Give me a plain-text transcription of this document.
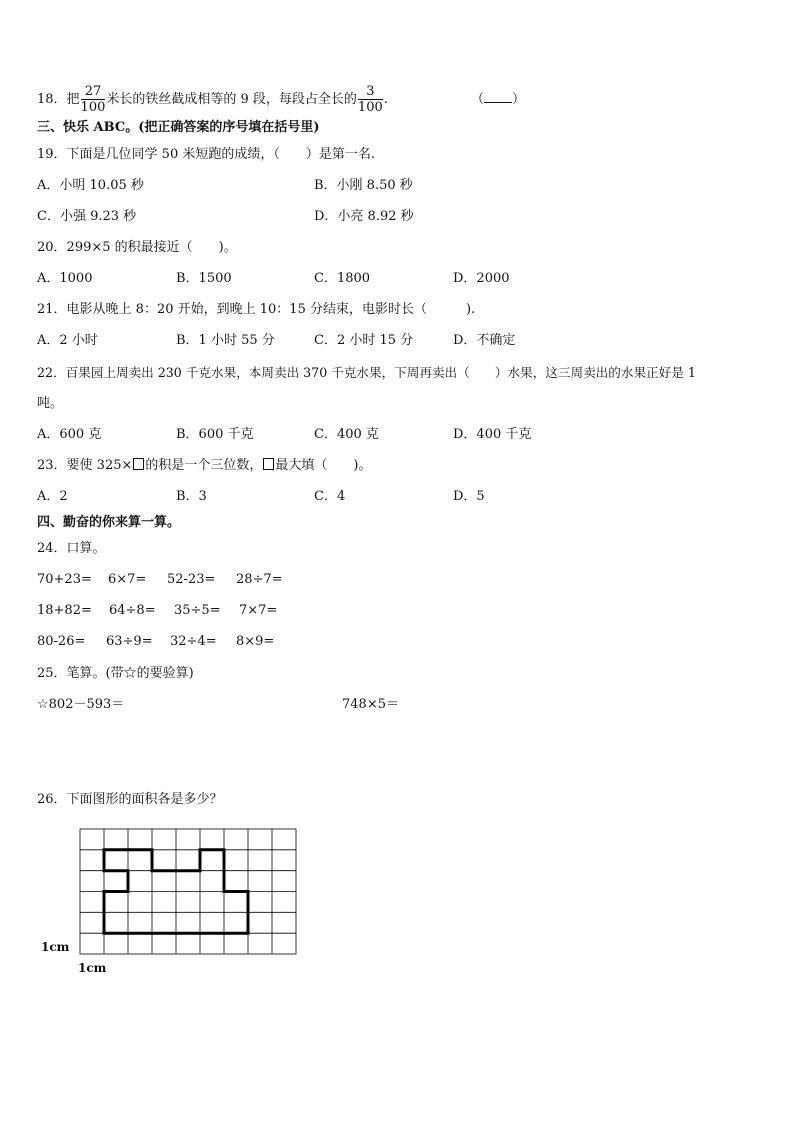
18．把 $\frac{27}{100}$ 米长的铁丝截成相等的 9 段，每段占全长的 $\frac{3}{100}$ .	（ ）
三、快乐 ABC。(把正确答案的序号填在括号里)
19．下面是几位同学 50 米短跑的成绩，（　　）是第一名.
A．小明 10.05 秒	B．小刚 8.50 秒
C．小强 9.23 秒	D．小亮 8.92 秒
20．299×5 的积最接近（　　)。
A．1000	B．1500	C．1800	D．2000
21．电影从晚上 8：20 开始，到晚上 10：15 分结束，电影时长（　　　).
A．2 小时	B．1 小时 55 分	C．2 小时 15 分	D．不确定
22．百果园上周卖出 230 千克水果，本周卖出 370 千克水果，下周再卖出（　　）水果，这三周卖出的水果正好是 1
吨。
A．600 克	B．600 千克	C．400 克	D．400 千克
23．要使 325× 的积是一个三位数， 最大填（　　)。
A．2	B．3	C．4	D．5
四、勤奋的你来算一算。
24．口算。
70+23= 6×7= 52-23= 28÷7=
18+82= 64÷8= 35÷5= 7×7=
80-26= 63÷9= 32÷4= 8×9=
25．笔算。(带☆的要验算)
☆802－593＝	748×5＝
26．下面图形的面积各是多少？
1cm
1cm
